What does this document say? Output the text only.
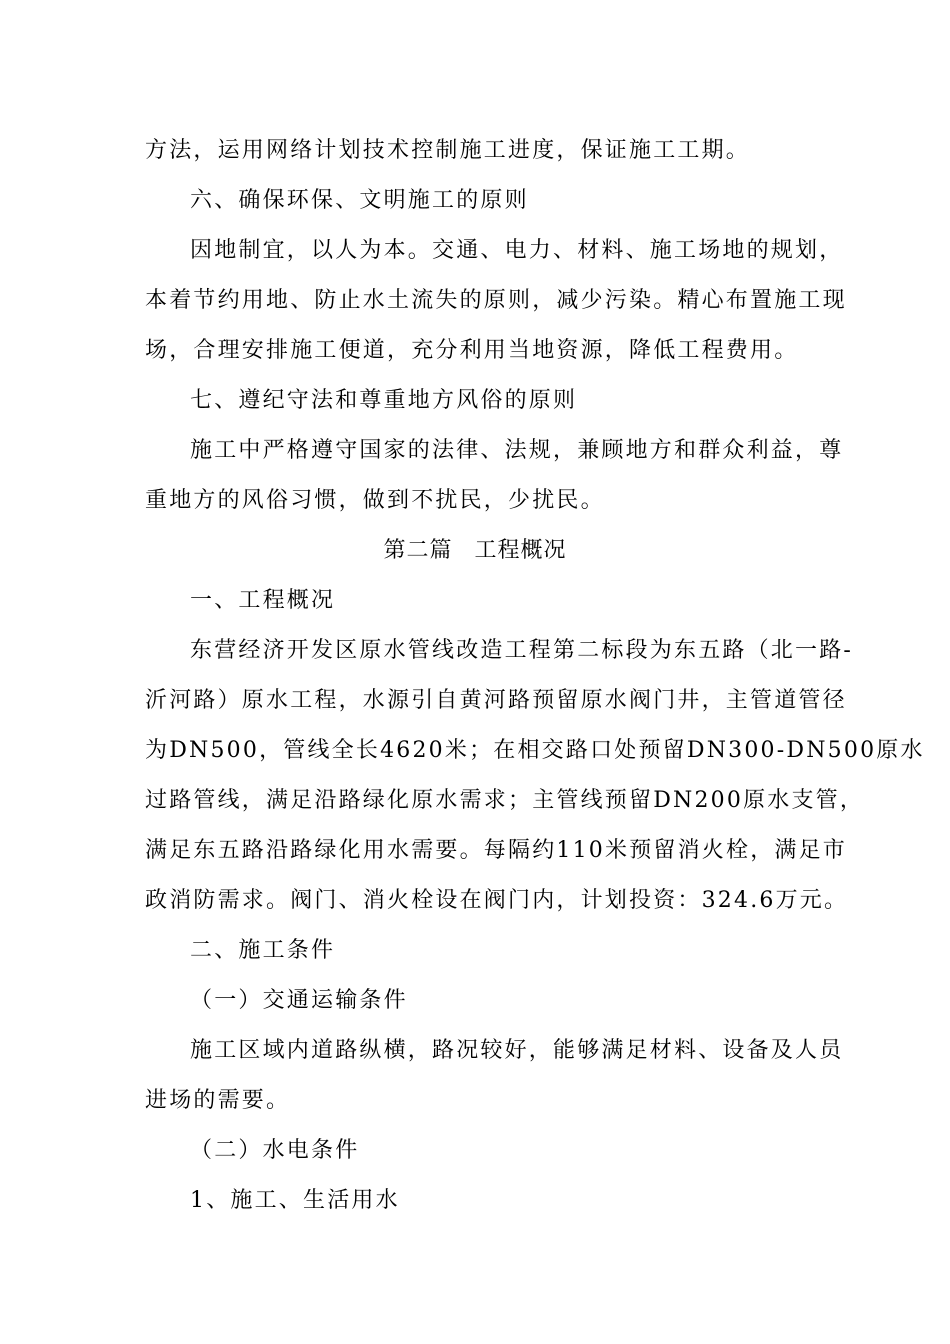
方法，运用网络计划技术控制施工进度，保证施工工期。
六、确保环保、文明施工的原则
因地制宜，以人为本。交通、电力、材料、施工场地的规划，
本着节约用地、防止水土流失的原则，减少污染。精心布置施工现
场，合理安排施工便道，充分利用当地资源，降低工程费用。
七、遵纪守法和尊重地方风俗的原则
施工中严格遵守国家的法律、法规，兼顾地方和群众利益，尊
重地方的风俗习惯，做到不扰民，少扰民。
第二篇 工程概况
一、工程概况
东营经济开发区原水管线改造工程第二标段为东五路（北一路-
沂河路）原水工程，水源引自黄河路预留原水阀门井，主管道管径
为DN500，管线全长4620米；在相交路口处预留DN300-DN500原水
过路管线，满足沿路绿化原水需求；主管线预留DN200原水支管，
满足东五路沿路绿化用水需要。每隔约110米预留消火栓，满足市
政消防需求。阀门、消火栓设在阀门内，计划投资：324.6万元。
二、施工条件
（一）交通运输条件
施工区域内道路纵横，路况较好，能够满足材料、设备及人员
进场的需要。
（二）水电条件
1、施工、生活用水
